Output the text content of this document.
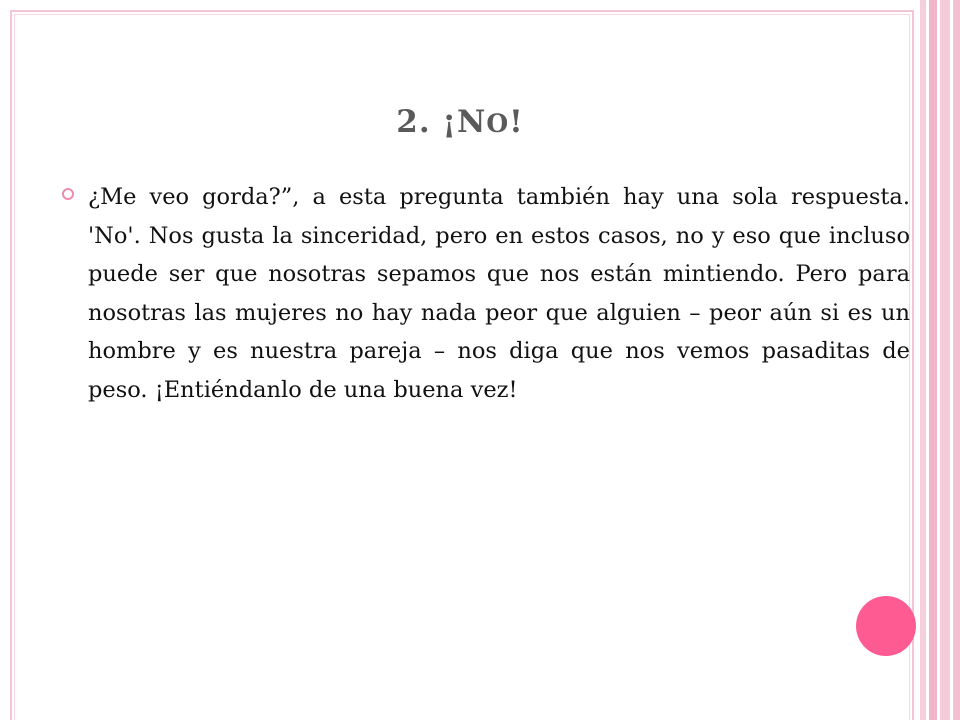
2. ¡NO!

¿Me veo gorda?”, a esta pregunta también hay una sola respuesta. 'No'. Nos gusta la sinceridad, pero en estos casos, no y eso que incluso puede ser que nosotras sepamos que nos están mintiendo. Pero para nosotras las mujeres no hay nada peor que alguien – peor aún si es un hombre y es nuestra pareja – nos diga que nos vemos pasaditas de peso. ¡Entiéndanlo de una buena vez!
